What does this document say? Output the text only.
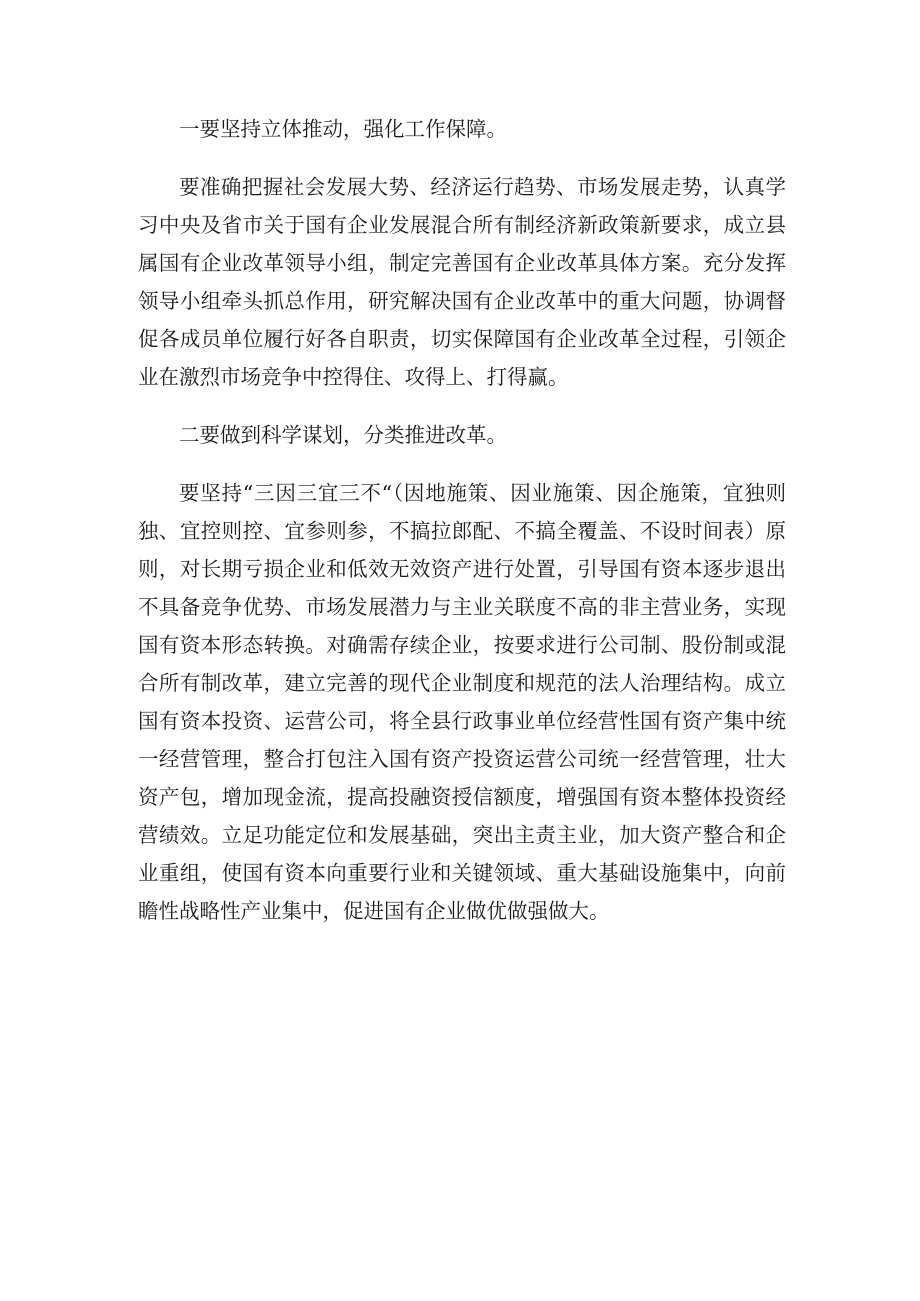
一要坚持立体推动，强化工作保障。

要准确把握社会发展大势、经济运行趋势、市场发展走势，认真学习中央及省市关于国有企业发展混合所有制经济新政策新要求，成立县属国有企业改革领导小组，制定完善国有企业改革具体方案。充分发挥领导小组牵头抓总作用，研究解决国有企业改革中的重大问题，协调督促各成员单位履行好各自职责，切实保障国有企业改革全过程，引领企业在激烈市场竞争中控得住、攻得上、打得赢。

二要做到科学谋划，分类推进改革。

要坚持“三因三宜三不“（因地施策、因业施策、因企施策，宜独则独、宜控则控、宜参则参，不搞拉郎配、不搞全覆盖、不设时间表）原则，对长期亏损企业和低效无效资产进行处置，引导国有资本逐步退出不具备竞争优势、市场发展潜力与主业关联度不高的非主营业务，实现国有资本形态转换。对确需存续企业，按要求进行公司制、股份制或混合所有制改革，建立完善的现代企业制度和规范的法人治理结构。成立国有资本投资、运营公司，将全县行政事业单位经营性国有资产集中统一经营管理，整合打包注入国有资产投资运营公司统一经营管理，壮大资产包，增加现金流，提高投融资授信额度，增强国有资本整体投资经营绩效。立足功能定位和发展基础，突出主责主业，加大资产整合和企业重组，使国有资本向重要行业和关键领域、重大基础设施集中，向前瞻性战略性产业集中，促进国有企业做优做强做大。
